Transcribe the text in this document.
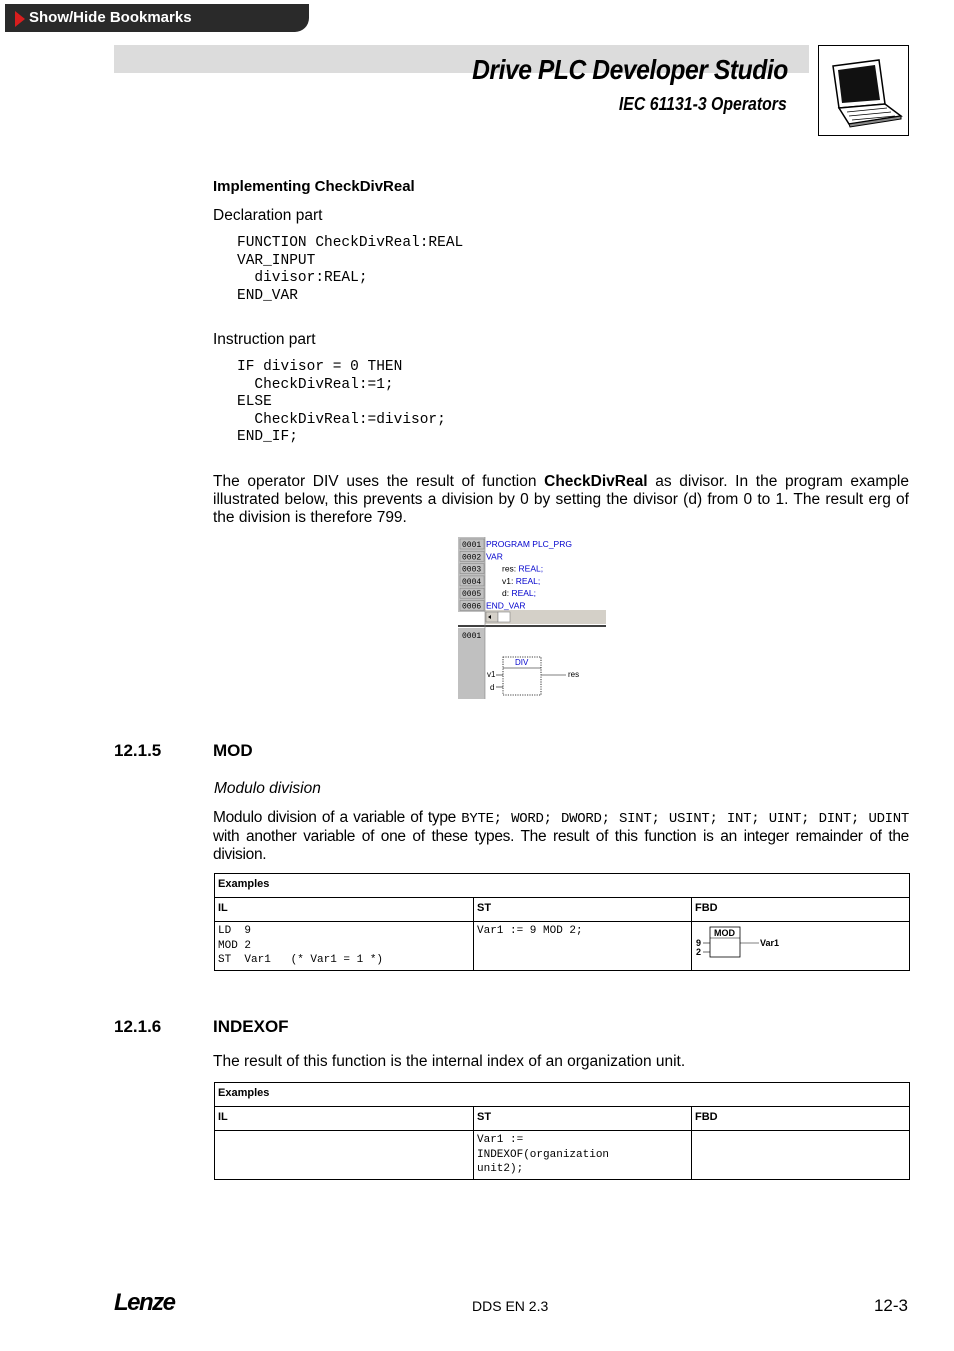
Show/Hide Bookmarks
Drive PLC Developer Studio
IEC 61131-3 Operators
Implementing CheckDivReal
Declaration part
FUNCTION CheckDivReal:REAL
VAR_INPUT
divisor:REAL;
END_VAR
Instruction part
IF divisor = 0 THEN
CheckDivReal:=1;
ELSE
CheckDivReal:=divisor;
END_IF;
The operator DIV uses the result of function CheckDivReal as divisor. In the program example illustrated below, this prevents a division by 0 by setting the divisor (d) from 0 to 1. The result erg of the division is therefore 799.
0001 PROGRAM PLC_PRG
0002 VAR
0003 res: REAL;
0004 v1: REAL;
0005 d: REAL;
0006 END_VAR
0001
DIV
v1
d
res
12.1.5	MOD
Modulo division
Modulo division of a variable of type BYTE; WORD; DWORD; SINT; USINT; INT; UINT; DINT; UDINT with another variable of one of these types. The result of this function is an integer remainder of the division.
Examples		
IL	ST	FBD
LD  9
MOD 2
ST  Var1   (* Var1 = 1 *)	Var1 := 9 MOD 2;	MOD
9
2
Var1
12.1.6	INDEXOF
The result of this function is the internal index of an organization unit.
Examples		
IL	ST	FBD
	Var1 :=
INDEXOF(organization
unit2);	
Lenze	DDS EN 2.3	12-3
